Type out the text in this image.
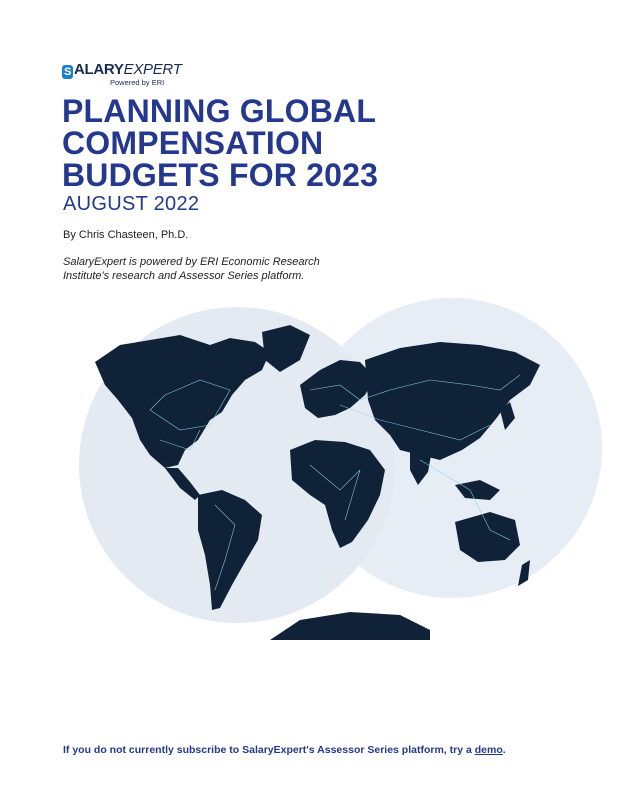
S ALARYEXPERT
Powered by ERI
PLANNING GLOBAL
COMPENSATION
BUDGETS FOR 2023
AUGUST 2022
By Chris Chasteen, Ph.D.
SalaryExpert is powered by ERI Economic Research
Institute's research and Assessor Series platform.
If you do not currently subscribe to SalaryExpert's Assessor Series platform, try a demo.
